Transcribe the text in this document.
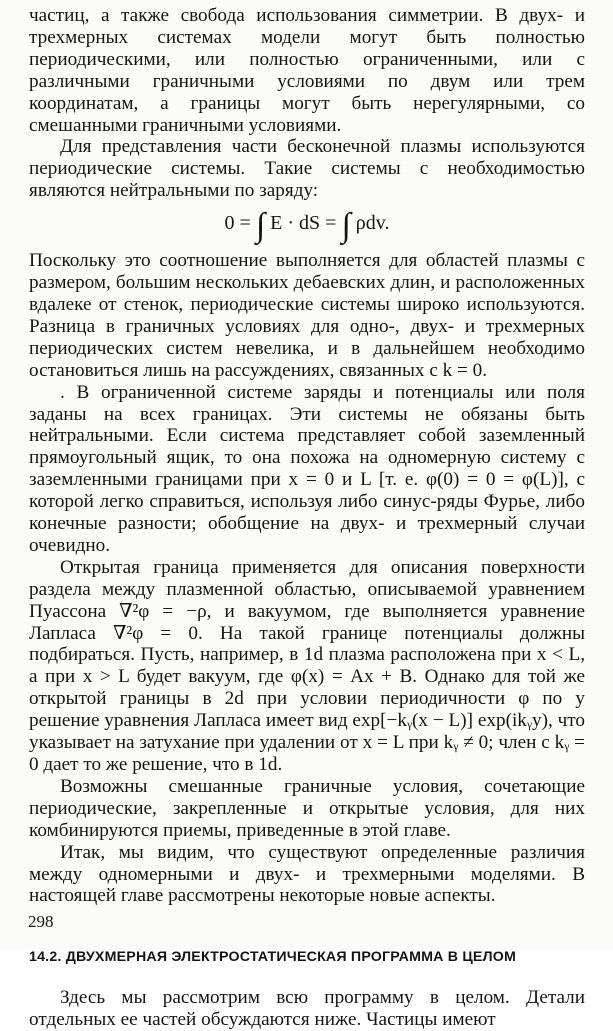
частиц, а также свобода использования симметрии. В двух- и трехмерных системах модели могут быть полностью периодическими, или полностью ограниченными, или с различными граничными условиями по двум или трем координатам, а границы могут быть нерегулярными, со смешанными граничными условиями.

Для представления части бесконечной плазмы используются периодические системы. Такие системы с необходимостью являются нейтральными по заряду:

0 = ∫ E · dS = ∫ ρdv.

Поскольку это соотношение выполняется для областей плазмы с размером, большим нескольких дебаевских длин, и расположенных вдалеке от стенок, периодические системы широко используются. Разница в граничных условиях для одно-, двух- и трехмерных периодических систем невелика, и в дальнейшем необходимо остановиться лишь на рассуждениях, связанных с k = 0.

. В ограниченной системе заряды и потенциалы или поля заданы на всех границах. Эти системы не обязаны быть нейтральными. Если система представляет собой заземленный прямоугольный ящик, то она похожа на одномерную систему с заземленными границами при x = 0 и L [т. е. φ(0) = 0 = φ(L)], с которой легко справиться, используя либо синус-ряды Фурье, либо конечные разности; обобщение на двух- и трехмерный случаи очевидно.

Открытая граница применяется для описания поверхности раздела между плазменной областью, описываемой уравнением Пуассона ∇²φ = −ρ, и вакуумом, где выполняется уравнение Лапласа ∇²φ = 0. На такой границе потенциалы должны подбираться. Пусть, например, в 1d плазма расположена при x < L, а при x > L будет вакуум, где φ(x) = Ax + B. Однако для той же открытой границы в 2d при условии периодичности φ по y решение уравнения Лапласа имеет вид exp[−kᵧ(x − L)] exp(ikᵧy), что указывает на затухание при удалении от x = L при kᵧ ≠ 0; член с kᵧ = 0 дает то же решение, что в 1d.

Возможны смешанные граничные условия, сочетающие периодические, закрепленные и открытые условия, для них комбинируются приемы, приведенные в этой главе.

Итак, мы видим, что существуют определенные различия между одномерными и двух- и трехмерными моделями. В настоящей главе рассмотрены некоторые новые аспекты.

14.2. ДВУХМЕРНАЯ ЭЛЕКТРОСТАТИЧЕСКАЯ ПРОГРАММА В ЦЕЛОМ

Здесь мы рассмотрим всю программу в целом. Детали отдельных ее частей обсуждаются ниже. Частицы имеют

298
